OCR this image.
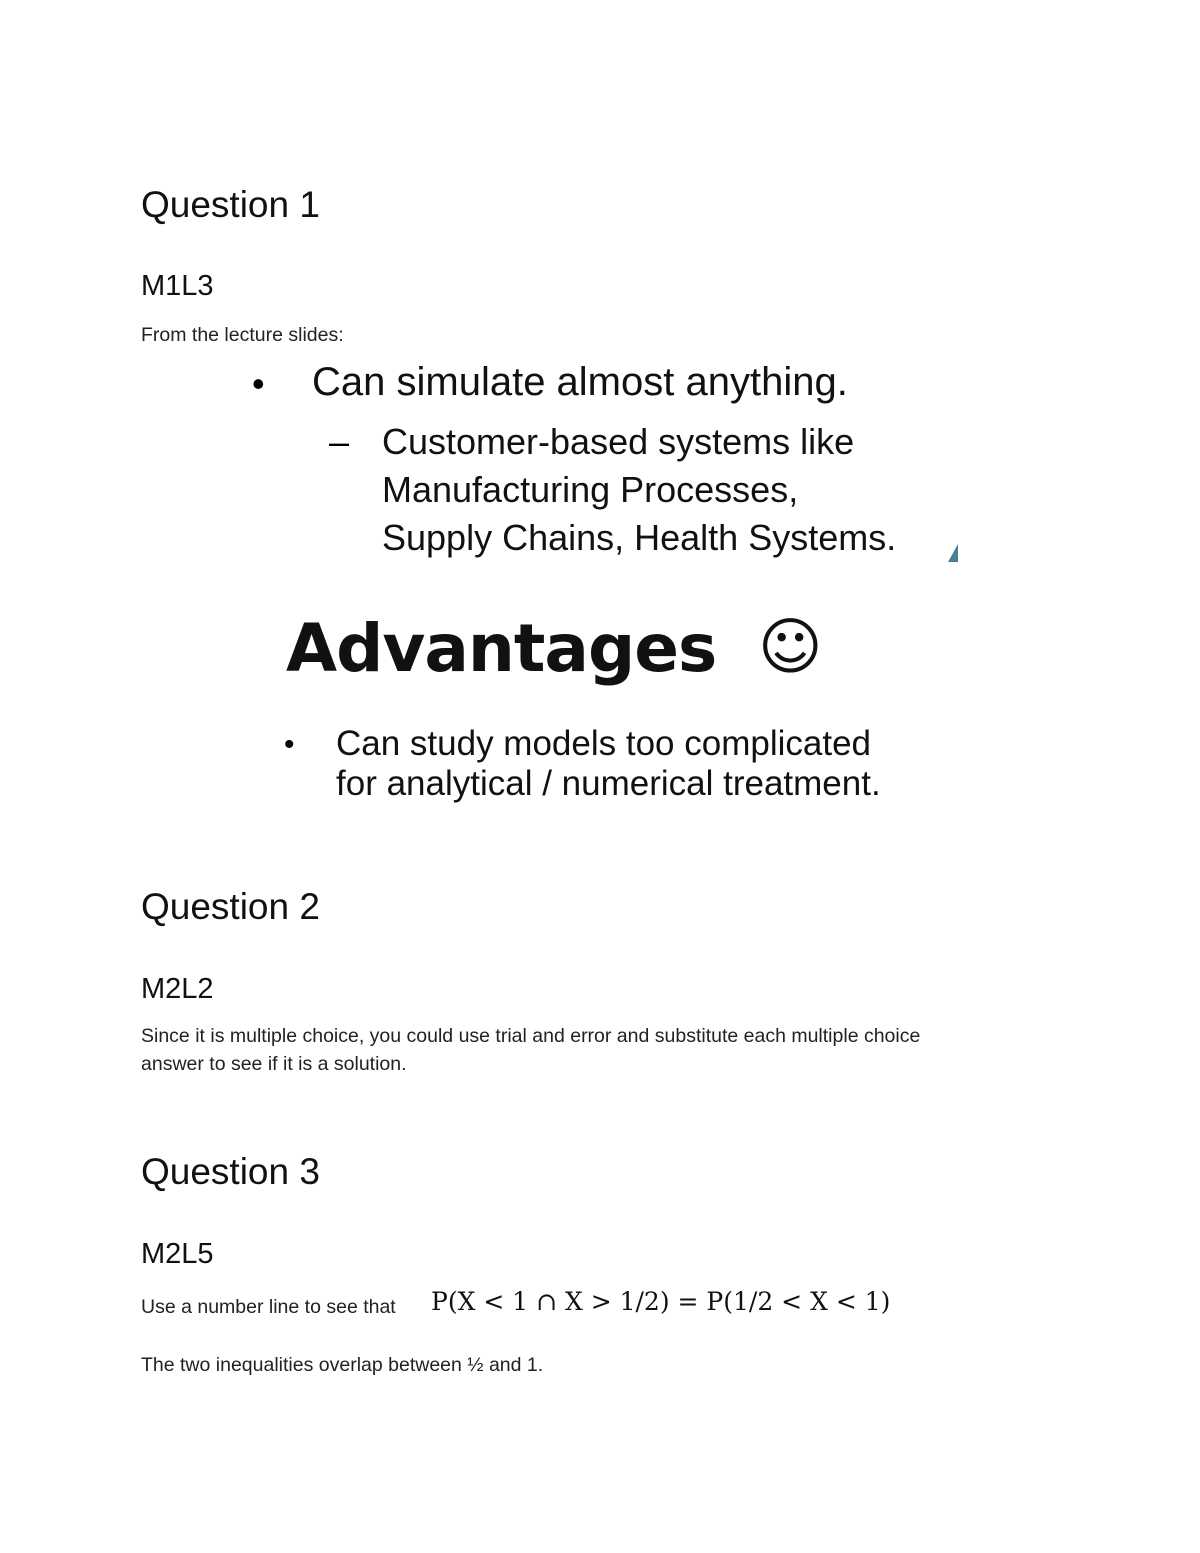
Question 1
M1L3
From the lecture slides:
• Can simulate almost anything.
– Customer-based systems like
Manufacturing Processes,
Supply Chains, Health Systems.
Advantages ☺
• Can study models too complicated
for analytical / numerical treatment.
Question 2
M2L2
Since it is multiple choice, you could use trial and error and substitute each multiple choice
answer to see if it is a solution.
Question 3
M2L5
Use a number line to see that P(X < 1 ∩ X > 1/2) = P(1/2 < X < 1)
The two inequalities overlap between ½ and 1.
